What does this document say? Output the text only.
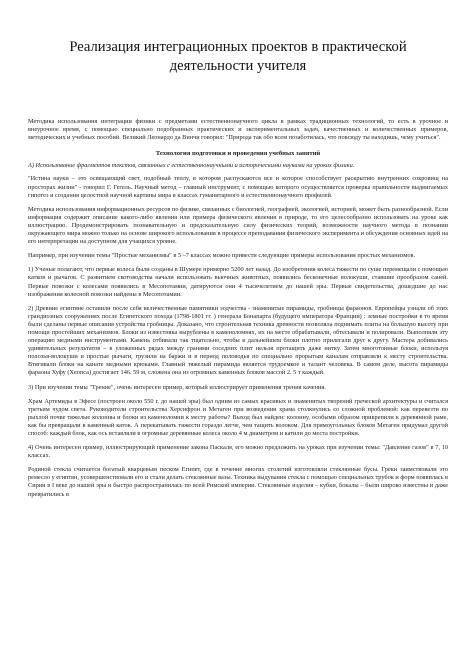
Реализация интеграционных проектов в практической деятельности учителя

Методика использования интеграции физики с предметами естественнонаучного цикла в рамках традиционных технологий, то есть в урочное и внеурочное время, с помощью специально подобранных практических и экспериментальных задач, качественных и количественных примеров, методических и учебных пособий. Великий Леонардо да Винчи говорил: "Природа так обо всем позаботилась, что повсюду ты находишь, чему учиться".

Технология подготовки и проведения учебных занятий

А) Использование фрагментов текстов, связанных с естественнонаучными и историческими науками на уроках физики.

"Истина науки – это освещающий свет, подобный теплу, в котором распускаются все и которое способствует раскрытию внутренних сокровищ на просторах жизни" - говорил Г. Гегель. Научный метод – главный инструмент, с помощью которого осуществляется проверка правильности выдвигаемых гипотез и создания целостной научной картины мира в классах гуманитарного и естественнонаучного профилей.

Методика использования информационных ресурсов по физике, связанных с биологией, географией, экологией, историей, может быть разнообразной. Если информация содержит описание какого-либо явления или примера физического явления в природе, то его целесообразно использовать на уроке как иллюстрацию. Продемонстрировать познавательную и предсказательную силу физических теорий, возможности научного метода в познании окружающего мира можно только на основе широкого использования в процессе преподавания физического эксперимента и обсуждения основных идей на его интерпретации на доступном для учащихся уровне.

Например, при изучении темы "Простые механизмы" в 5 –7 классах можно привести следующие примеры использования простых механизмов.

1) Ученые полагают, что первые колеса были созданы в Шумере примерно 5200 лет назад. До изобретения колеса тяжести по суше перемещали с помощью катков и рычагов. С развитием скотоводства начали использовать вьючных животных, появились бесконечные волокуши, ставшие прообразом саней. Первые повозки с колесами появились в Месопотамии, датируются они 4 тысячелетием до нашей эры. Первые свидетельства, дошедшие до нас изображения колесной повозки найдены в Месопотамии.

2) Древние египтяне оставили после себя величественные памятники зодчества - знаменитые пирамиды, гробницы фараонов. Европейцы узнали об этих грандиозных сооружениях после Египетского похода (1798-1801 гг. ) генерала Бонапарта (будущего императора Франции) : земные постройки в то время были сделаны первые описания устройства гробницы. Доказано, что строительная техника древности позволяла поднимать плиты на большую высоту при помощи простейших механизмов. Блоки из известняка вырублены в каменоломнях, их на месте обрабатывали, обтесывали и полировали. Выполняли эту операцию медными инструментами. Камень отбивали так тщательно, чтобы в дальнейшем блоки плотно прилегали друг к другу. Мастера добивались удивительных результатов – в уложенных рядах между гранями соседних плит нельзя протащить даже нитку. Затем многотонные блоки, используя полозья-волокуши и простые рычаги, грузили на баржи и в период половодья по специально прорытым каналам отправляли к месту строительства. Втягивали блоки на канате медными крюками. Главный тяжелый пирамида является трудоемкое и талант человека. В самом деле, высота пирамиды фараона Хуфу (Хеопса) достигает 146. 59 м, сложена она из огромных каменных блоков массой 2. 5 т каждый.

3) При изучении темы "Трение", очень интересен пример, который иллюстрирует применения трения качения.

Храм Артемиды в Эфесе (построен около 550 г. до нашей эры) был одним из самых красивых и знаменитых творений греческой архитектуры и считался третьим чудом света. Руководители строительства Херсифрон и Метаген при возведении храма столкнулись со сложной проблемой: как перевезти по рыхлой почве тяжелые колонны и блоки из каменоломни к месту работы? Выход был найден: колонну, особыми образом прикрепили к деревянной раме, как бы превращали в каменный каток. А перекатывать тяжести гораздо легче, чем тащить волоком. Для прямоугольных блоков Метаген придумал другой способ: каждый блок, как ось вставляли в огромные деревянные колеса около 4 м диаметром и катили до места постройки.

4) Очень интересен пример, иллюстрирующий применение закона Паскаля, его можно предложить на уроках при изучении темы: "Давление газов" в 7, 10 классах.

Родиной стекла считается богатый кварцевым песком Египет, где в течение многих столетий изготовляли стеклянные бусы. Греки заимствовали это ремесло у египтян, усовершенствовали его и стали делать стеклянные вазы. Техника выдувания стекла с помощью специальных трубок и форм появилась в Сирии в I веке до нашей эры и быстро распространилась по всей Римской империи. Стеклянные изделия – кубки, бокалы – были широко известны и даже превратились в
